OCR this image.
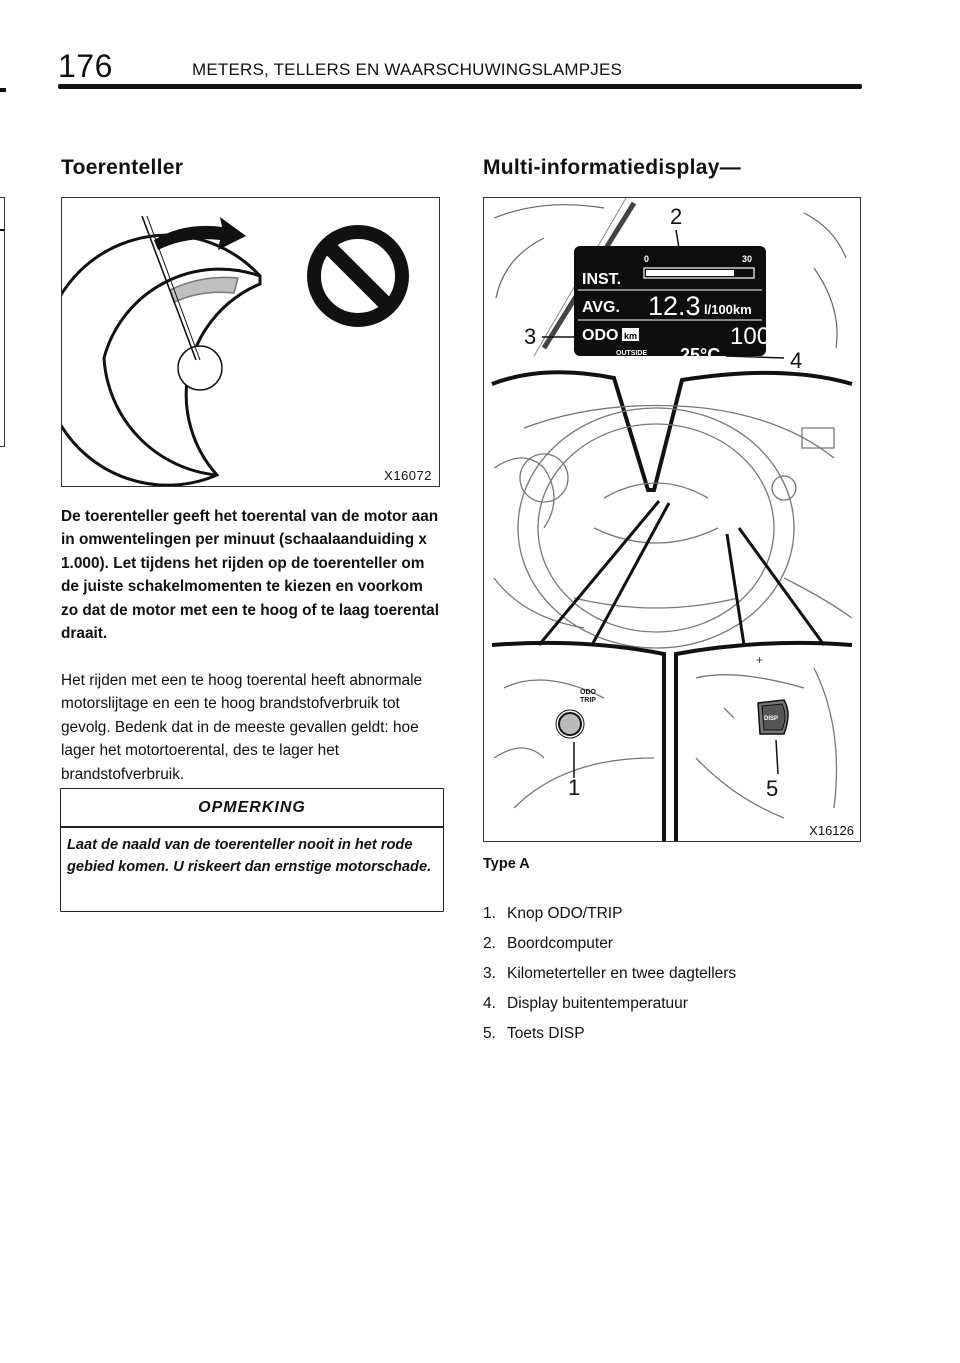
176	METERS, TELLERS EN WAARSCHUWINGSLAMPJES
Toerenteller
X16072
De toerenteller geeft het toerental van de motor aan in omwentelingen per minuut (schaalaanduiding x 1.000). Let tijdens het rijden op de toerenteller om de juiste schakelmomenten te kiezen en voorkom zo dat de motor met een te hoog of te laag toerental draait.
Het rijden met een te hoog toerental heeft abnormale motorslijtage en een te hoog brandstofverbruik tot gevolg. Bedenk dat in de meeste gevallen geldt: hoe lager het motortoerental, des te lager het brandstofverbruik.
OPMERKING
Laat de naald van de toerenteller nooit in het rode gebied komen. U riskeert dan ernstige motorschade.
Multi-informatiedisplay—
0	30
INST.
AVG. 12.3 l/100km
ODO km	100
OUTSIDE 25°C
ODO
TRIP
1
+
DISP
5
2
3
4
X16126
Type A
1. Knop ODO/TRIP
2. Boordcomputer
3. Kilometerteller en twee dagtellers
4. Display buitentemperatuur
5. Toets DISP
